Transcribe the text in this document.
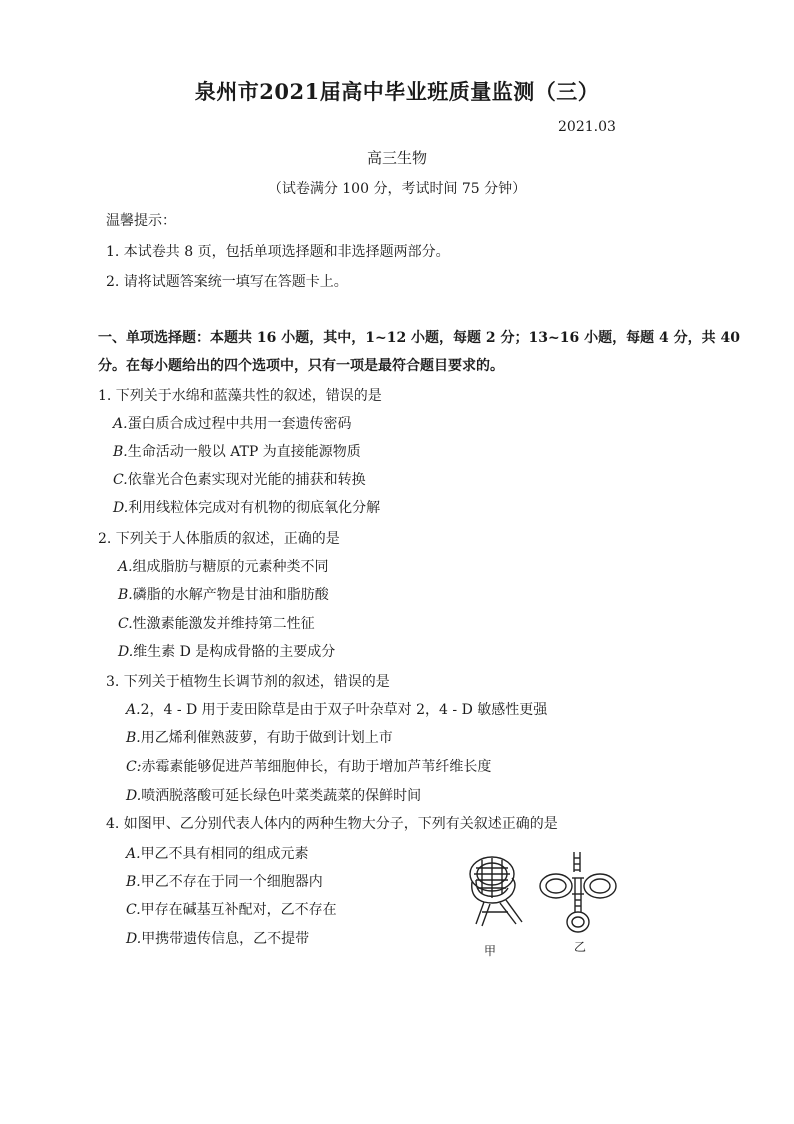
泉州市2021届高中毕业班质量监测（三）
2021.03
高三生物
（试卷满分 100 分，考试时间 75 分钟）
温馨提示：
1. 本试卷共 8 页，包括单项选择题和非选择题两部分。
2. 请将试题答案统一填写在答题卡上。
一、单项选择题：本题共 16 小题，其中，1~12 小题，每题 2 分；13~16 小题，每题 4 分，共 40
分。在每小题给出的四个选项中，只有一项是最符合题目要求的。
1. 下列关于水绵和蓝藻共性的叙述，错误的是
A.蛋白质合成过程中共用一套遗传密码
B.生命活动一般以 ATP 为直接能源物质
C.依靠光合色素实现对光能的捕获和转换
D.利用线粒体完成对有机物的彻底氧化分解
2. 下列关于人体脂质的叙述，正确的是
A.组成脂肪与糖原的元素种类不同
B.磷脂的水解产物是甘油和脂肪酸
C.性激素能激发并维持第二性征
D.维生素 D 是构成骨骼的主要成分
3. 下列关于植物生长调节剂的叙述，错误的是
A.2，4 - D 用于麦田除草是由于双子叶杂草对 2，4 - D 敏感性更强
B.用乙烯利催熟菠萝，有助于做到计划上市
C:赤霉素能够促进芦苇细胞伸长，有助于增加芦苇纤维长度
D.喷洒脱落酸可延长绿色叶菜类蔬菜的保鲜时间
4. 如图甲、乙分别代表人体内的两种生物大分子，下列有关叙述正确的是
A.甲乙不具有相同的组成元素
B.甲乙不存在于同一个细胞器内
C.甲存在碱基互补配对，乙不存在
D.甲携带遗传信息，乙不提带
甲	乙
